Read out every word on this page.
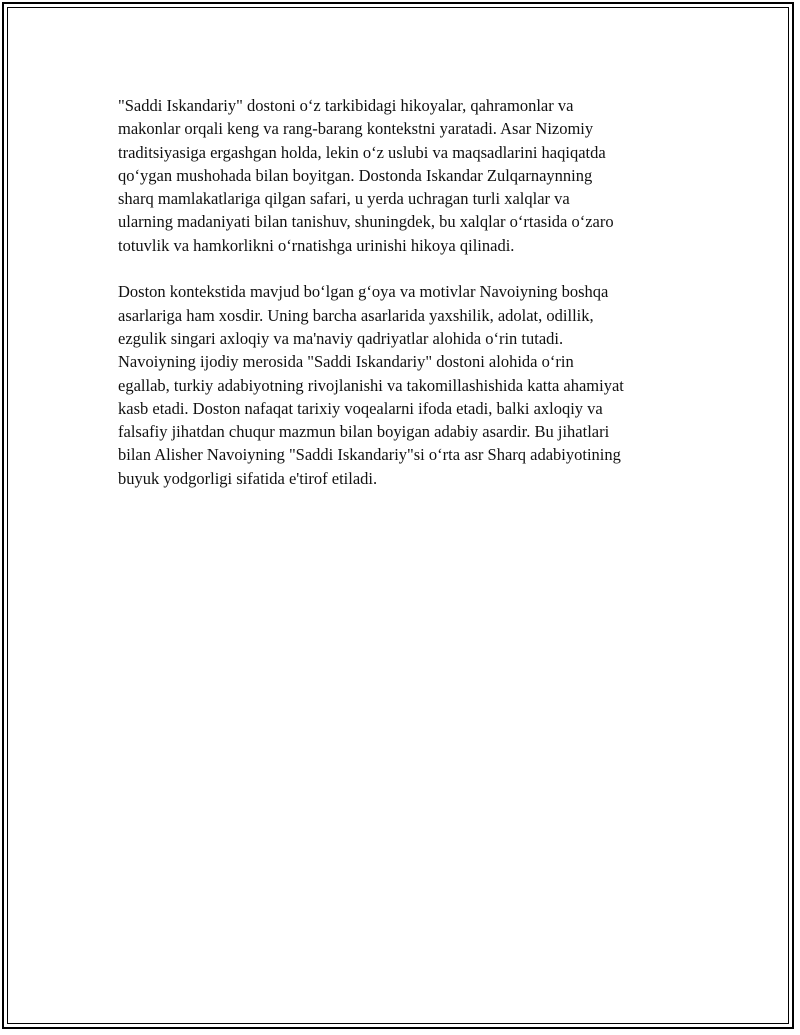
"Saddi Iskandariy" dostoni o‘z tarkibidagi hikoyalar, qahramonlar va
makonlar orqali keng va rang-barang kontekstni yaratadi. Asar Nizomiy
traditsiyasiga ergashgan holda, lekin o‘z uslubi va maqsadlarini haqiqatda
qo‘ygan mushohada bilan boyitgan. Dostonda Iskandar Zulqarnaynning
sharq mamlakatlariga qilgan safari, u yerda uchragan turli xalqlar va
ularning madaniyati bilan tanishuv, shuningdek, bu xalqlar o‘rtasida o‘zaro
totuvlik va hamkorlikni o‘rnatishga urinishi hikoya qilinadi.

Doston kontekstida mavjud bo‘lgan g‘oya va motivlar Navoiyning boshqa
asarlariga ham xosdir. Uning barcha asarlarida yaxshilik, adolat, odillik,
ezgulik singari axloqiy va ma'naviy qadriyatlar alohida o‘rin tutadi.
Navoiyning ijodiy merosida "Saddi Iskandariy" dostoni alohida o‘rin
egallab, turkiy adabiyotning rivojlanishi va takomillashishida katta ahamiyat
kasb etadi. Doston nafaqat tarixiy voqealarni ifoda etadi, balki axloqiy va
falsafiy jihatdan chuqur mazmun bilan boyigan adabiy asardir. Bu jihatlari
bilan Alisher Navoiyning "Saddi Iskandariy"si o‘rta asr Sharq adabiyotining
buyuk yodgorligi sifatida e'tirof etiladi.
